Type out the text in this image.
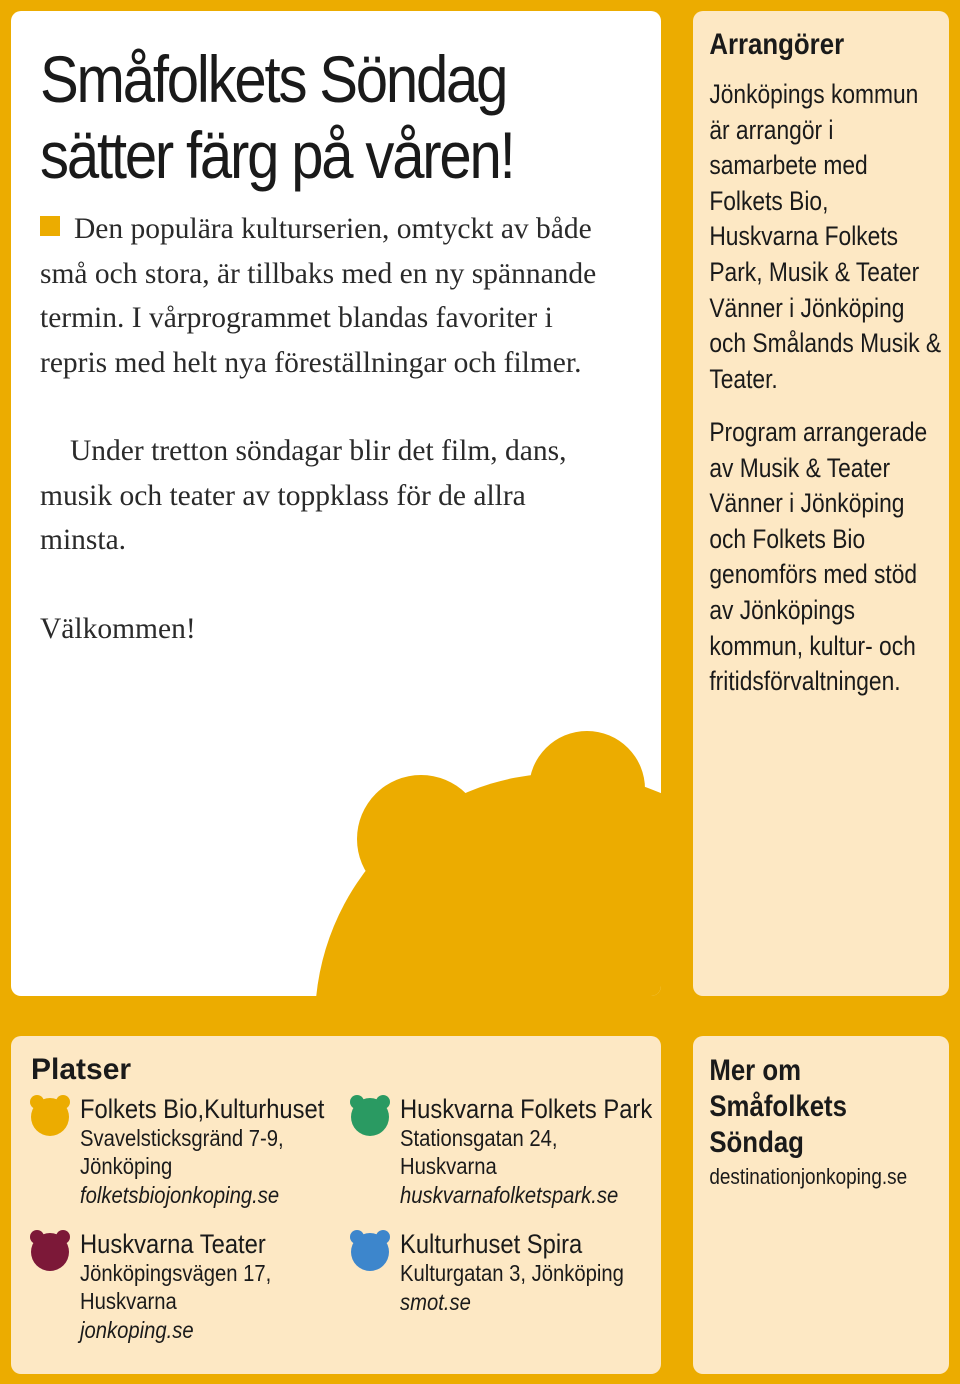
Småfolkets Söndag
sätter färg på våren!

Den populära kulturserien, omtyckt av både små och stora, är tillbaks med en ny spännande termin. I vårprogrammet blandas favoriter i repris med helt nya föreställningar och filmer.

Under tretton söndagar blir det film, dans, musik och teater av toppklass för de allra minsta.

Välkommen!

Arrangörer

Jönköpings kommun är arrangör i samarbete med Folkets Bio, Huskvarna Folkets Park, Musik & Teater Vänner i Jönköping och Smålands Musik & Teater.

Program arrangerade av Musik & Teater Vänner i Jönköping och Folkets Bio genomförs med stöd av Jönköpings kommun, kultur- och fritidsförvaltningen.

Platser
Folkets Bio,Kulturhuset
Svavelsticksgränd 7-9,
Jönköping
folketsbiojonkoping.se
Huskvarna Folkets Park
Stationsgatan 24,
Huskvarna
huskvarnafolketspark.se
Huskvarna Teater
Jönköpingsvägen 17,
Huskvarna
jonkoping.se
Kulturhuset Spira
Kulturgatan 3, Jönköping
smot.se
Mer om Småfolkets Söndag

destinationjonkoping.se
